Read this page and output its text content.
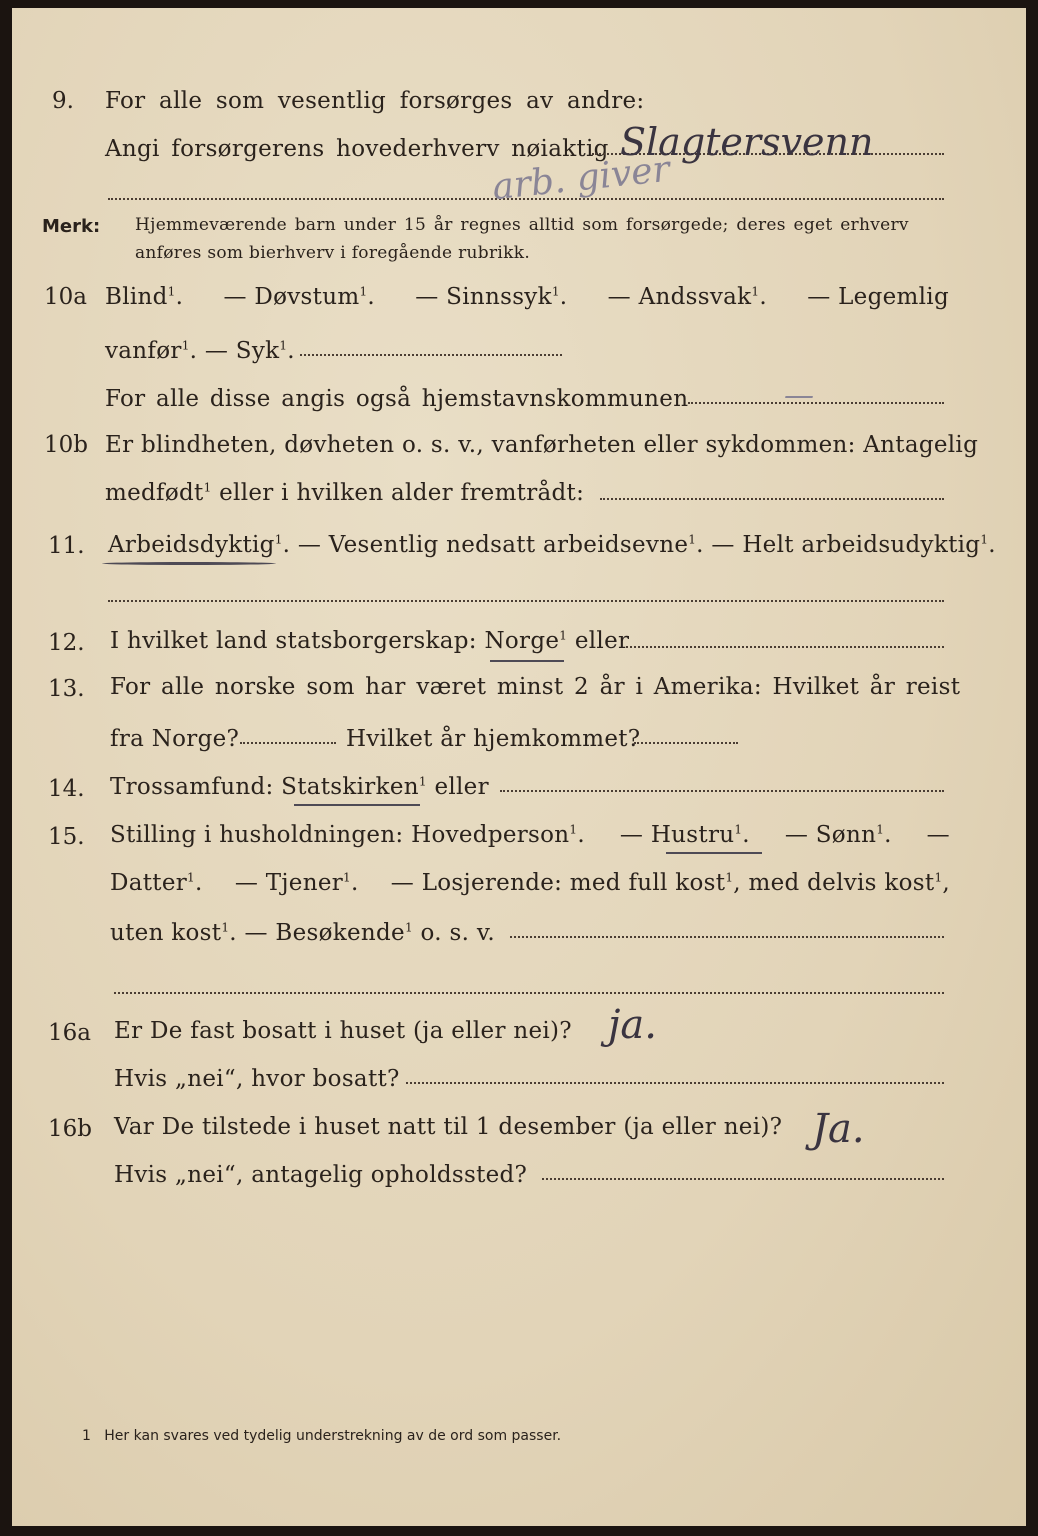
9. For alle som vesentlig forsørges av andre:
Angi forsørgerens hovederhverv nøiaktig Slagtersvenn
arb. giver
Merk: Hjemmeværende barn under 15 år regnes alltid som forsørgede; deres eget erhverv
anføres som bierhverv i foregående rubrikk.
10a Blind$^1$. — Døvstum$^1$. — Sinnssyk$^1$. — Andssvak$^1$. — Legemlig
vanfør$^1$. — Syk$^1$.
For alle disse angis også hjemstavnskommunen	—
10b Er blindheten, døvheten o. s. v., vanførheten eller sykdommen: Antagelig
medfødt$^1$ eller i hvilken alder fremtrådt:
11. Arbeidsdyktig$^1$. — Vesentlig nedsatt arbeidsevne$^1$. — Helt arbeidsudyktig$^1$.
12. I hvilket land statsborgerskap: Norge$^1$ eller
13. For alle norske som har været minst 2 år i Amerika: Hvilket år reist
fra Norge?	Hvilket år hjemkommet?
14. Trossamfund: Statskirken$^1$ eller
15. Stilling i husholdningen: Hovedperson$^1$. — Hustru$^1$. — Sønn$^1$. —
Datter$^1$. — Tjener$^1$. — Losjerende: med full kost$^1$, med delvis kost$^1$,
uten kost$^1$. — Besøkende$^1$ o. s. v.
16a Er De fast bosatt i huset (ja eller nei)? ja.
Hvis „nei“, hvor bosatt?
16b Var De tilstede i huset natt til 1 desember (ja eller nei)? Ja.
Hvis „nei“, antagelig opholdssted?
1 Her kan svares ved tydelig understrekning av de ord som passer.
